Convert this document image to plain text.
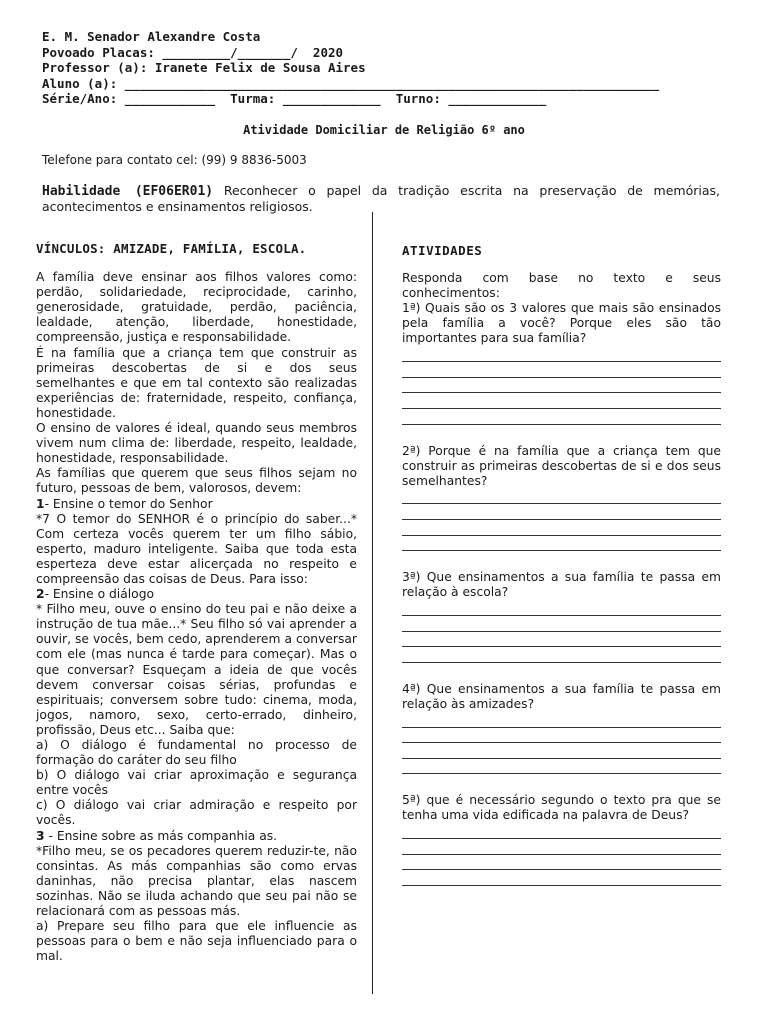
E. M. Senador Alexandre Costa
Povoado Placas: _________/_______/  2020
Professor (a): Iranete Felix de Sousa Aires
Aluno (a): _______________________________________________________________________
Série/Ano: ____________  Turma: _____________  Turno: _____________
Atividade Domiciliar de Religião 6º ano
Telefone para contato cel: (99) 9 8836-5003
Habilidade (EF06ER01) Reconhecer o papel da tradição escrita na preservação de memórias, acontecimentos e ensinamentos religiosos.
VÍNCULOS: AMIZADE, FAMÍLIA, ESCOLA.

A família deve ensinar aos filhos valores como: perdão, solidariedade, reciprocidade, carinho, generosidade, gratuidade, perdão, paciência, lealdade, atenção, liberdade, honestidade, compreensão, justiça e responsabilidade.

É na família que a criança tem que construir as primeiras descobertas de si e dos seus semelhantes e que em tal contexto são realizadas experiências de: fraternidade, respeito, confiança, honestidade.

O ensino de valores é ideal, quando seus membros vivem num clima de: liberdade, respeito, lealdade, honestidade, responsabilidade.

As famílias que querem que seus filhos sejam no futuro, pessoas de bem, valorosos, devem:

1- Ensine o temor do Senhor

*7 O temor do SENHOR é o princípio do saber...* Com certeza vocês querem ter um filho sábio, esperto, maduro inteligente. Saiba que toda esta esperteza deve estar alicerçada no respeito e compreensão das coisas de Deus. Para isso:

2- Ensine o diálogo

* Filho meu, ouve o ensino do teu pai e não deixe a instrução de tua mãe...* Seu filho só vai aprender a ouvir, se vocês, bem cedo, aprenderem a conversar com ele (mas nunca é tarde para começar). Mas o que conversar? Esqueçam a ideia de que vocês devem conversar coisas sérias, profundas e espirituais; conversem sobre tudo: cinema, moda, jogos, namoro, sexo, certo-errado, dinheiro, profissão, Deus etc... Saiba que:

a) O diálogo é fundamental no processo de formação do caráter do seu filho

b) O diálogo vai criar aproximação e segurança entre vocês

c) O diálogo vai criar admiração e respeito por vocês.

3 - Ensine sobre as más companhia as.

*Filho meu, se os pecadores querem reduzir-te, não consintas. As más companhias são como ervas daninhas, não precisa plantar, elas nascem sozinhas. Não se iluda achando que seu pai não se relacionará com as pessoas más.

a) Prepare seu filho para que ele influencie as pessoas para o bem e não seja influenciado para o mal.

ATIVIDADES

Responda com base no texto e seus conhecimentos:

1ª) Quais são os 3 valores que mais são ensinados pela família a você? Porque eles são tão importantes para sua família?

2ª) Porque é na família que a criança tem que construir as primeiras descobertas de si e dos seus semelhantes?

3ª) Que ensinamentos a sua família te passa em relação à escola?

4ª) Que ensinamentos a sua família te passa em relação às amizades?

5ª) que é necessário segundo o texto pra que se tenha uma vida edificada na palavra de Deus?
